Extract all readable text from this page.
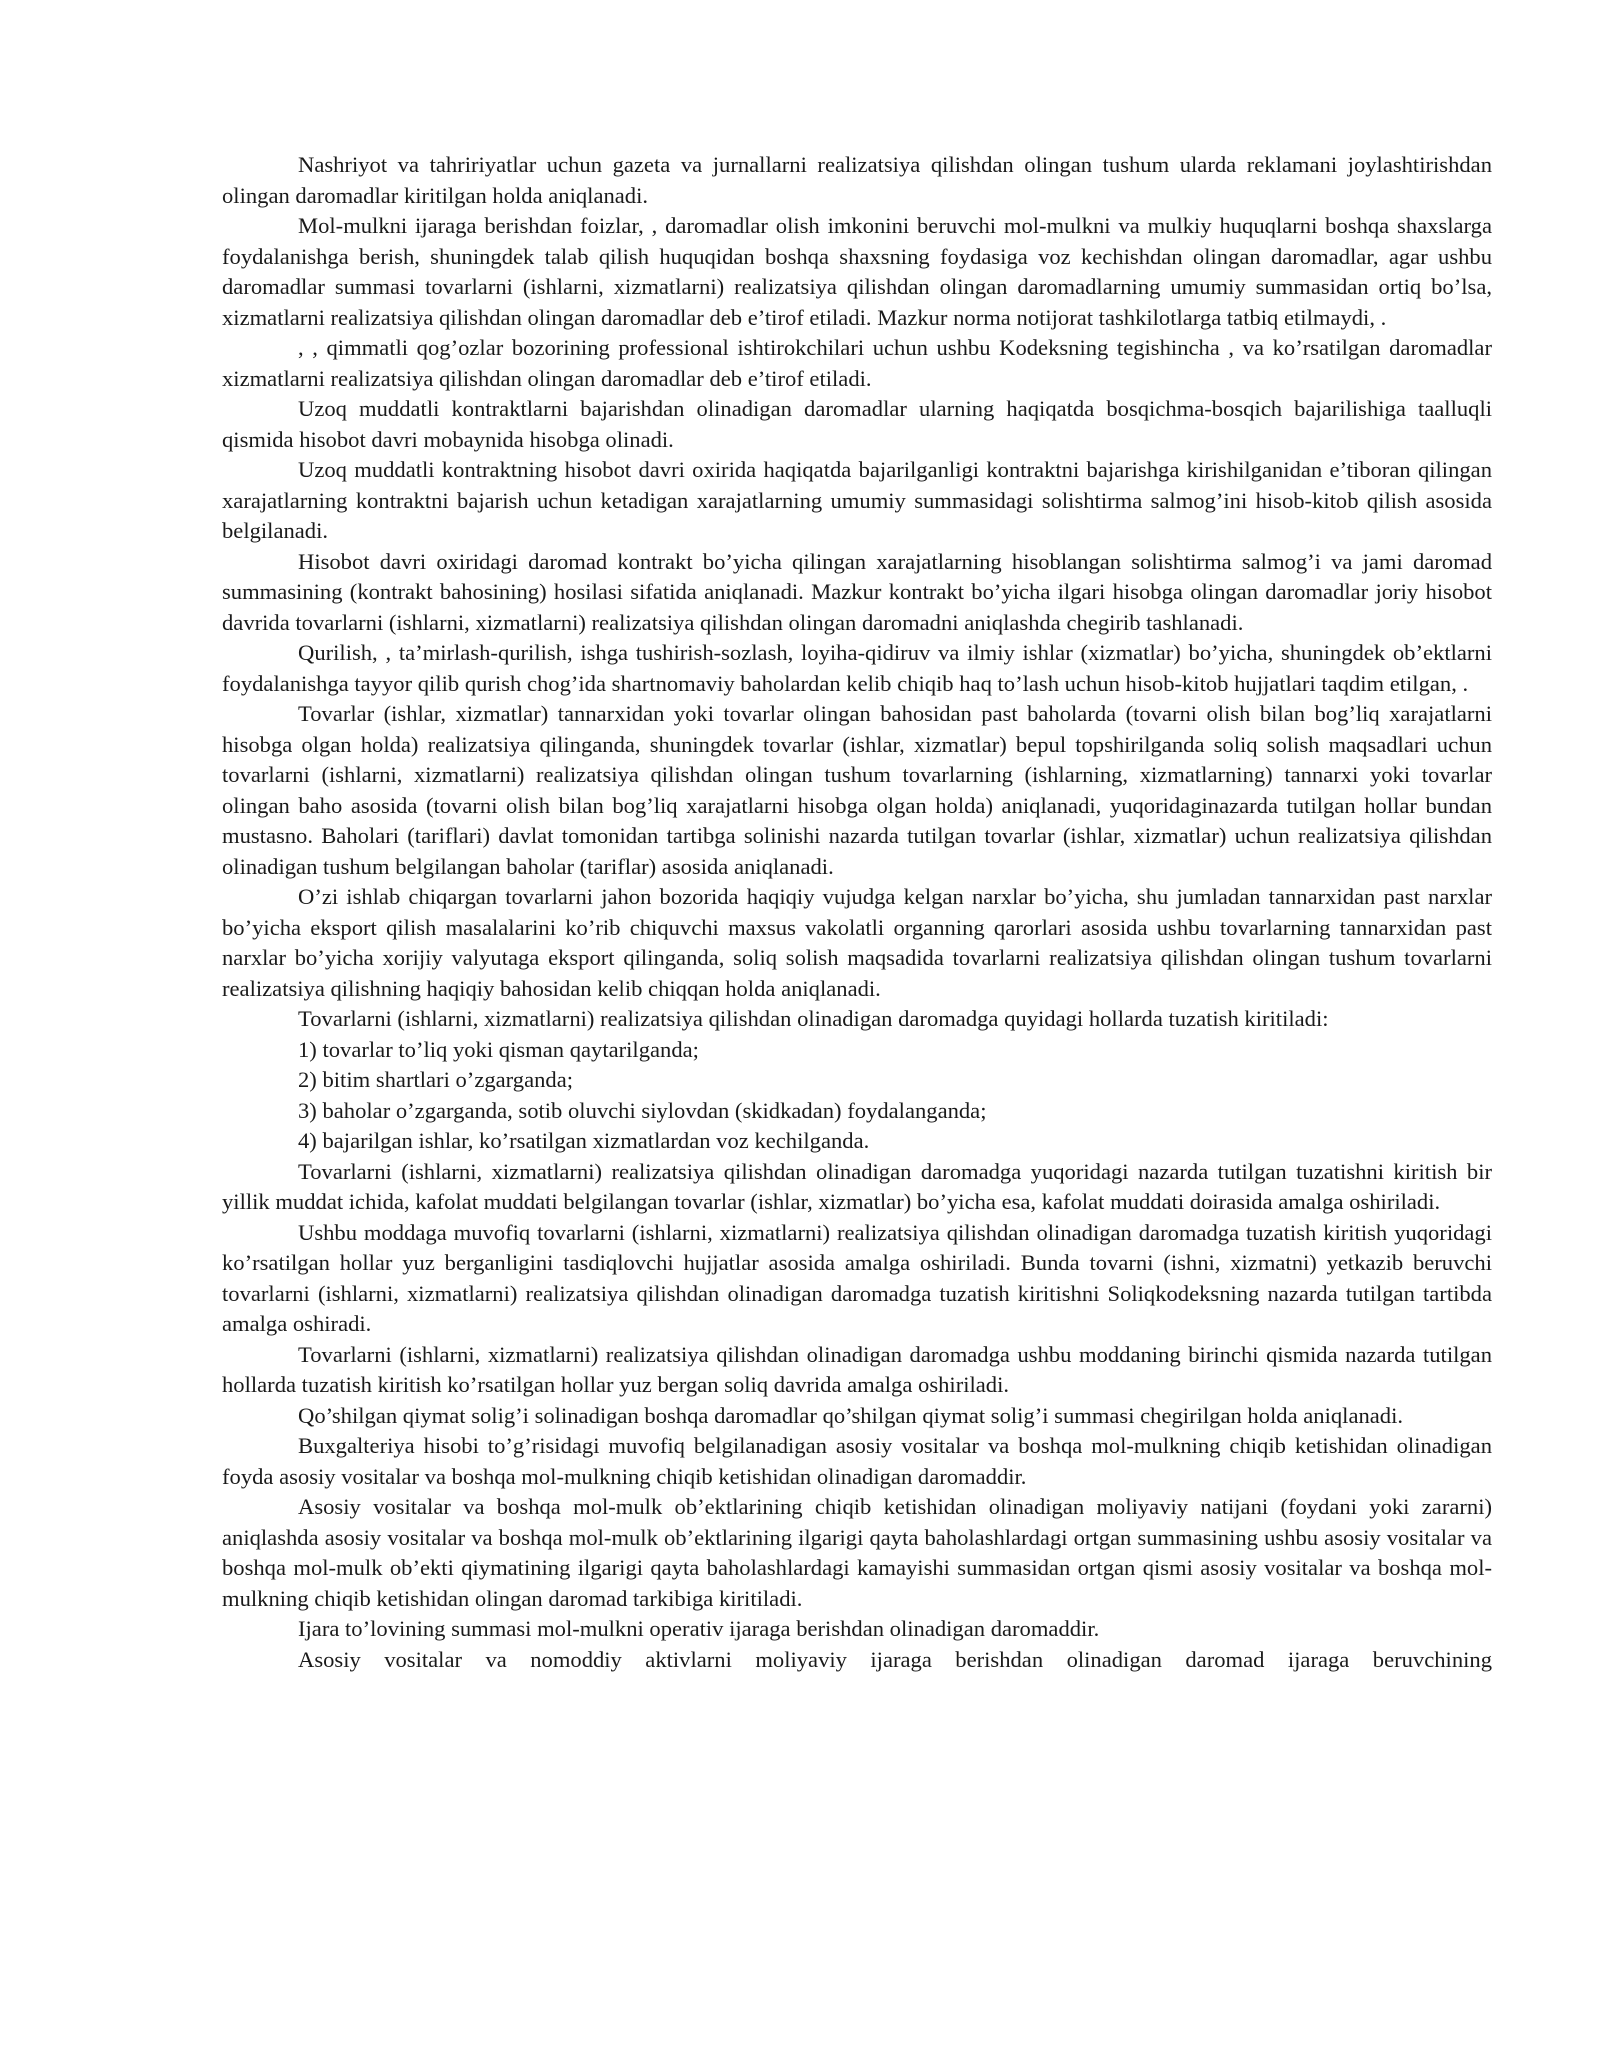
Nashriyot va tahririyatlar uchun gazeta va jurnallarni realizatsiya qilishdan olingan tushum ularda reklamani joylashtirishdan olingan daromadlar kiritilgan holda aniqlanadi.

Mol-mulkni ijaraga berishdan foizlar, , daromadlar olish imkonini beruvchi mol-mulkni va mulkiy huquqlarni boshqa shaxslarga foydalanishga berish, shuningdek talab qilish huquqidan boshqa shaxsning foydasiga voz kechishdan olingan daromadlar, agar ushbu daromadlar summasi tovarlarni (ishlarni, xizmatlarni) realizatsiya qilishdan olingan daromadlarning umumiy summasidan ortiq bo’lsa, xizmatlarni realizatsiya qilishdan olingan daromadlar deb e’tirof etiladi. Mazkur norma notijorat tashkilotlarga tatbiq etilmaydi, .

, , qimmatli qog’ozlar bozorining professional ishtirokchilari uchun ushbu Kodeksning tegishincha , va ko’rsatilgan daromadlar xizmatlarni realizatsiya qilishdan olingan daromadlar deb e’tirof etiladi.

Uzoq muddatli kontraktlarni bajarishdan olinadigan daromadlar ularning haqiqatda bosqichma-bosqich bajarilishiga taalluqli qismida hisobot davri mobaynida hisobga olinadi.

Uzoq muddatli kontraktning hisobot davri oxirida haqiqatda bajarilganligi kontraktni bajarishga kirishilganidan e’tiboran qilingan xarajatlarning kontraktni bajarish uchun ketadigan xarajatlarning umumiy summasidagi solishtirma salmog’ini hisob-kitob qilish asosida belgilanadi.

Hisobot davri oxiridagi daromad kontrakt bo’yicha qilingan xarajatlarning hisoblangan solishtirma salmog’i va jami daromad summasining (kontrakt bahosining) hosilasi sifatida aniqlanadi. Mazkur kontrakt bo’yicha ilgari hisobga olingan daromadlar joriy hisobot davrida tovarlarni (ishlarni, xizmatlarni) realizatsiya qilishdan olingan daromadni aniqlashda chegirib tashlanadi.

Qurilish, , ta’mirlash-qurilish, ishga tushirish-sozlash, loyiha-qidiruv va ilmiy ishlar (xizmatlar) bo’yicha, shuningdek ob’ektlarni foydalanishga tayyor qilib qurish chog’ida shartnomaviy baholardan kelib chiqib haq to’lash uchun hisob-kitob hujjatlari taqdim etilgan, .

Tovarlar (ishlar, xizmatlar) tannarxidan yoki tovarlar olingan bahosidan past baholarda (tovarni olish bilan bog’liq xarajatlarni hisobga olgan holda) realizatsiya qilinganda, shuningdek tovarlar (ishlar, xizmatlar) bepul topshirilganda soliq solish maqsadlari uchun tovarlarni (ishlarni, xizmatlarni) realizatsiya qilishdan olingan tushum tovarlarning (ishlarning, xizmatlarning) tannarxi yoki tovarlar olingan baho asosida (tovarni olish bilan bog’liq xarajatlarni hisobga olgan holda) aniqlanadi, yuqoridaginazarda tutilgan hollar bundan mustasno. Baholari (tariflari) davlat tomonidan tartibga solinishi nazarda tutilgan tovarlar (ishlar, xizmatlar) uchun realizatsiya qilishdan olinadigan tushum belgilangan baholar (tariflar) asosida aniqlanadi.

O’zi ishlab chiqargan tovarlarni jahon bozorida haqiqiy vujudga kelgan narxlar bo’yicha, shu jumladan tannarxidan past narxlar bo’yicha eksport qilish masalalarini ko’rib chiquvchi maxsus vakolatli organning qarorlari asosida ushbu tovarlarning tannarxidan past narxlar bo’yicha xorijiy valyutaga eksport qilinganda, soliq solish maqsadida tovarlarni realizatsiya qilishdan olingan tushum tovarlarni realizatsiya qilishning haqiqiy bahosidan kelib chiqqan holda aniqlanadi.

Tovarlarni (ishlarni, xizmatlarni) realizatsiya qilishdan olinadigan daromadga quyidagi hollarda tuzatish kiritiladi:

1) tovarlar to’liq yoki qisman qaytarilganda;

2) bitim shartlari o’zgarganda;

3) baholar o’zgarganda, sotib oluvchi siylovdan (skidkadan) foydalanganda;

4) bajarilgan ishlar, ko’rsatilgan xizmatlardan voz kechilganda.

Tovarlarni (ishlarni, xizmatlarni) realizatsiya qilishdan olinadigan daromadga yuqoridagi nazarda tutilgan tuzatishni kiritish bir yillik muddat ichida, kafolat muddati belgilangan tovarlar (ishlar, xizmatlar) bo’yicha esa, kafolat muddati doirasida amalga oshiriladi.

Ushbu moddaga muvofiq tovarlarni (ishlarni, xizmatlarni) realizatsiya qilishdan olinadigan daromadga tuzatish kiritish yuqoridagi ko’rsatilgan hollar yuz berganligini tasdiqlovchi hujjatlar asosida amalga oshiriladi. Bunda tovarni (ishni, xizmatni) yetkazib beruvchi tovarlarni (ishlarni, xizmatlarni) realizatsiya qilishdan olinadigan daromadga tuzatish kiritishni Soliqkodeksning nazarda tutilgan tartibda amalga oshiradi.

Tovarlarni (ishlarni, xizmatlarni) realizatsiya qilishdan olinadigan daromadga ushbu moddaning birinchi qismida nazarda tutilgan hollarda tuzatish kiritish ko’rsatilgan hollar yuz bergan soliq davrida amalga oshiriladi.

Qo’shilgan qiymat solig’i solinadigan boshqa daromadlar qo’shilgan qiymat solig’i summasi chegirilgan holda aniqlanadi.

Buxgalteriya hisobi to’g’risidagi muvofiq belgilanadigan asosiy vositalar va boshqa mol-mulkning chiqib ketishidan olinadigan foyda asosiy vositalar va boshqa mol-mulkning chiqib ketishidan olinadigan daromaddir.

Asosiy vositalar va boshqa mol-mulk ob’ektlarining chiqib ketishidan olinadigan moliyaviy natijani (foydani yoki zararni) aniqlashda asosiy vositalar va boshqa mol-mulk ob’ektlarining ilgarigi qayta baholashlardagi ortgan summasining ushbu asosiy vositalar va boshqa mol-mulk ob’ekti qiymatining ilgarigi qayta baholashlardagi kamayishi summasidan ortgan qismi asosiy vositalar va boshqa mol-mulkning chiqib ketishidan olingan daromad tarkibiga kiritiladi.

Ijara to’lovining summasi mol-mulkni operativ ijaraga berishdan olinadigan daromaddir.

Asosiy vositalar va nomoddiy aktivlarni moliyaviy ijaraga berishdan olinadigan daromad ijaraga beruvchining
